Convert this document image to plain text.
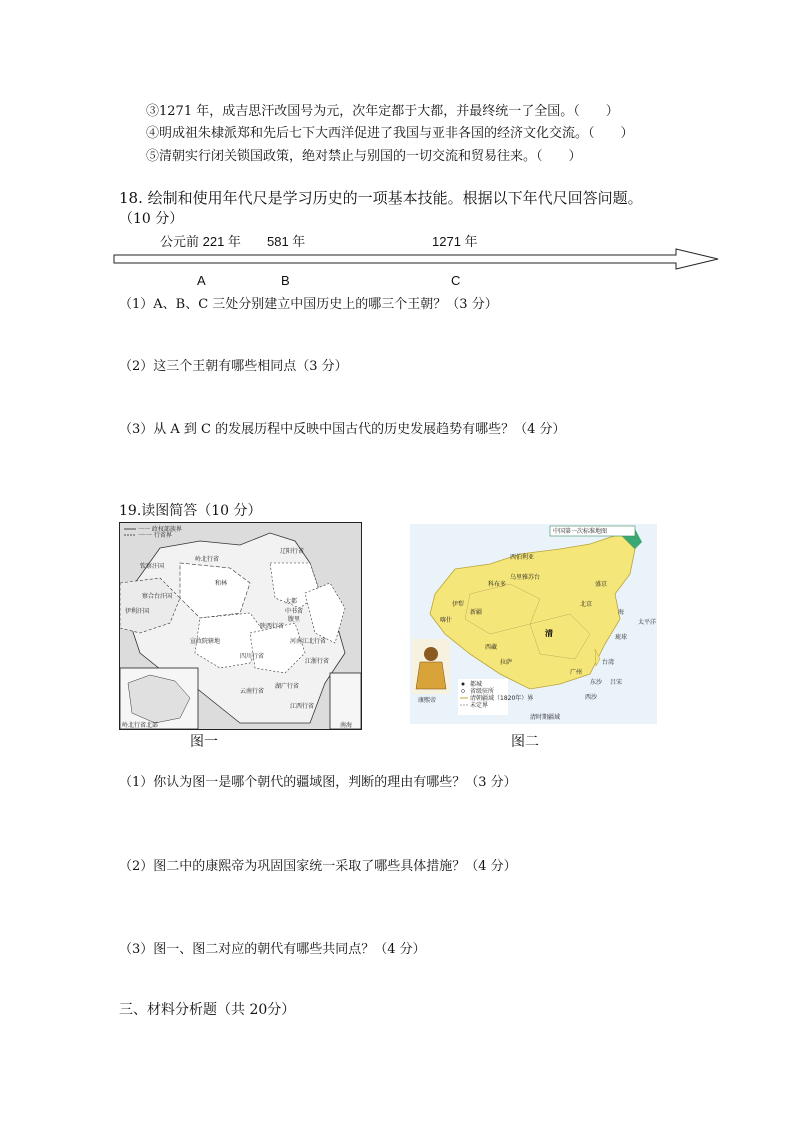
③1271 年，成吉思汗改国号为元，次年定都于大都，并最终统一了全国。（　　）
④明成祖朱棣派郑和先后七下大西洋促进了我国与亚非各国的经济文化交流。（　　）
⑤清朝实行闭关锁国政策，绝对禁止与别国的一切交流和贸易往来。（　　）
18. 绘制和使用年代尺是学习历史的一项基本技能。根据以下年代尺回答问题。
（10 分）
公元前 221 年 581 年	1271 年
A	B	C
（1）A、B、C 三处分别建立中国历史上的哪三个王朝？（3 分）
（2）这三个王朝有哪些相同点（3 分）
（3）从 A 到 C 的发展历程中反映中国古代的历史发展趋势有哪些？（4 分）
19.读图简答（10 分）
一一 政权部族界
一·一 行省界
钦察汗国
伊利汗国
察合台汗国
岭北行省
和林
辽阳行省
大都
中书省
腹里
陕西行省
河南江北行省
四川行省
宣政院辖地
云南行省
湖广行省
江浙行省
江西行省
岭北行省北部	南海
中国第一次标准地图
都城
省级驻所
清朝疆域（1820年）界
未定界
康熙帝
西伯利亚
乌里雅苏台
科布多
伊犁
喀什
新疆
西藏
拉萨
清
北京
盛京
台湾
广州
琉球
太平洋
海
吕宋
东沙
西沙
清时期疆域
图一	图二
（1）你认为图一是哪个朝代的疆域图，判断的理由有哪些？（3 分）
（2）图二中的康熙帝为巩固国家统一采取了哪些具体措施？（4 分）
（3）图一、图二对应的朝代有哪些共同点？（4 分）
三、材料分析题（共 20分）
